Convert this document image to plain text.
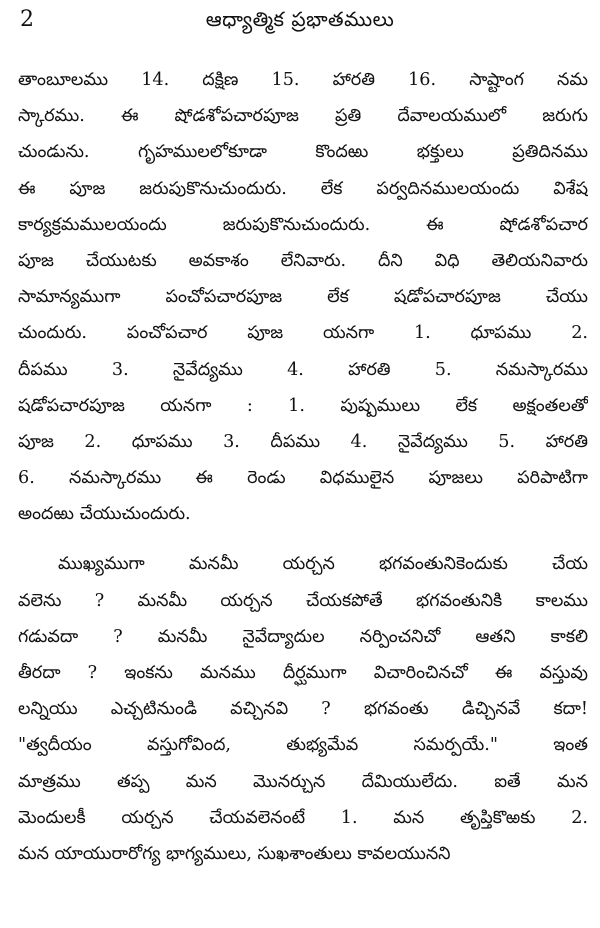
2	ఆధ్యాత్మిక ప్రభాతములు
తాంబూలము 14. దక్షిణ 15. హారతి 16. సాష్టాంగ నమ
స్కారము. ఈ షోడశోపచారపూజ ప్రతి దేవాలయములో జరుగు
చుండును. గృహములలోకూడా కొందఱు భక్తులు ప్రతిదినము
ఈ పూజ జరుపుకొనుచుందురు. లేక పర్వదినములయందు విశేష
కార్యక్రమములయందు జరుపుకొనుచుందురు. ఈ షోడశోపచార
పూజ చేయుటకు అవకాశం లేనివారు. దీని విధి తెలియనివారు
సామాన్యముగా పంచోపచారపూజ లేక షడోపచారపూజ చేయు
చుందురు. పంచోపచార పూజ యనగా 1. ధూపము 2.
దీపము 3. నైవేద్యము 4. హారతి 5. నమస్కారము
షడోపచారపూజ యనగా : 1. పుష్పములు లేక అక్షంతలతో
పూజ 2. ధూపము 3. దీపము 4. నైవేద్యము 5. హారతి
6. నమస్కారము ఈ రెండు విధములైన పూజలు పరిపాటిగా
అందఱు చేయుచుందురు.
ముఖ్యముగా మనమీ యర్చన భగవంతునికెందుకు చేయ
వలెను ? మనమీ యర్చన చేయకపోతే భగవంతునికి కాలము
గడువదా ? మనమీ నైవేద్యాదుల నర్పించనిచో ఆతని కాకలి
తీరదా ? ఇంకను మనము దీర్ఘముగా విచారించినచో ఈ వస్తువు
లన్నియు ఎచ్చటినుండి వచ్చినవి ? భగవంతు డిచ్చినవే కదా!
"త్వదీయం వస్తుగోవింద, తుభ్యమేవ సమర్పయే." ఇంత
మాత్రము తప్ప మన మొనర్చున దేమియులేదు. ఐతే మన
మెందులకీ యర్చన చేయవలెనంటే 1. మన తృప్తికొఱకు 2.
మన యాయురారోగ్య భాగ్యములు, సుఖశాంతులు కావలయునని
